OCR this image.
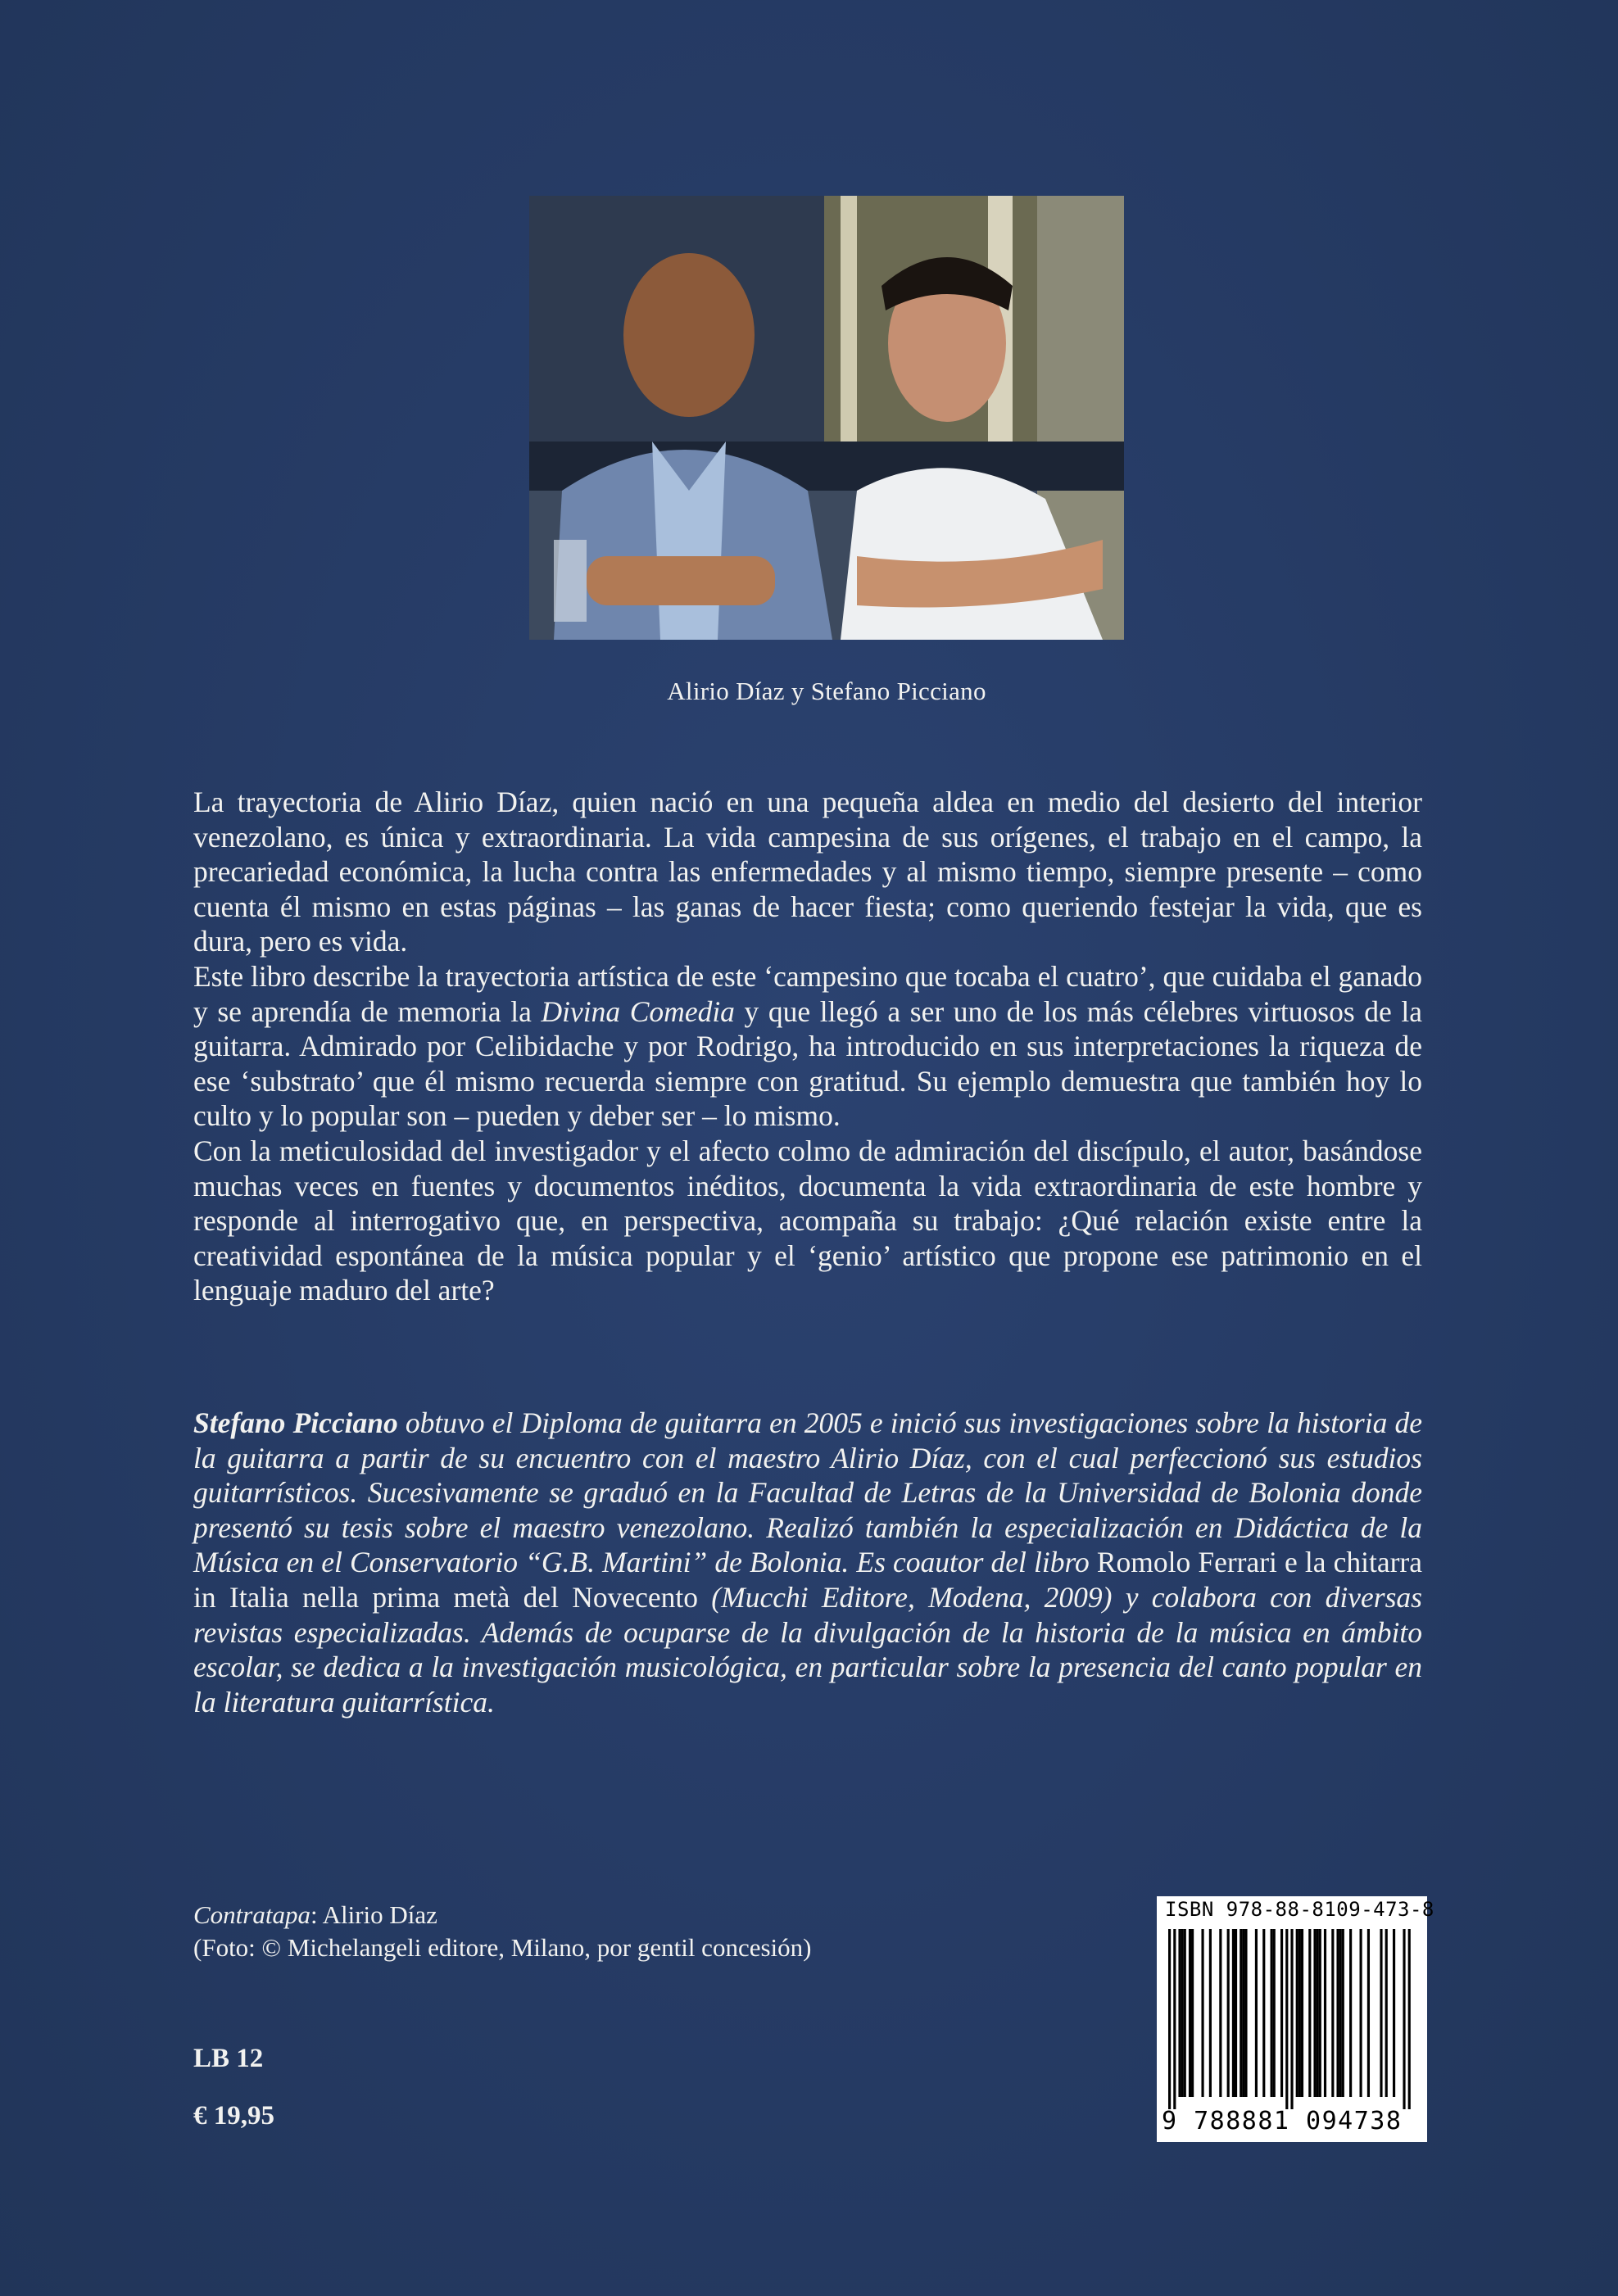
Alirio Díaz y Stefano Picciano

La trayectoria de Alirio Díaz, quien nació en una pequeña aldea en medio del desierto del interior venezolano, es única y extraordinaria. La vida campesina de sus orígenes, el trabajo en el campo, la precariedad económica, la lucha contra las enfermedades y al mismo tiempo, siempre presente – como cuenta él mismo en estas páginas – las ganas de hacer fiesta; como queriendo festejar la vida, que es dura, pero es vida.

Este libro describe la trayectoria artística de este ‘campesino que tocaba el cuatro’, que cuidaba el ganado y se aprendía de memoria la Divina Comedia y que llegó a ser uno de los más célebres virtuosos de la guitarra. Admirado por Celibidache y por Rodrigo, ha introducido en sus interpretaciones la riqueza de ese ‘substrato’ que él mismo recuerda siempre con gratitud. Su ejemplo demuestra que también hoy lo culto y lo popular son – pueden y deber ser – lo mismo.

Con la meticulosidad del investigador y el afecto colmo de admiración del discípulo, el autor, basándose muchas veces en fuentes y documentos inéditos, documenta la vida extraordinaria de este hombre y responde al interrogativo que, en perspectiva, acompaña su trabajo: ¿Qué relación existe entre la creatividad espontánea de la música popular y el ‘genio’ artístico que propone ese patrimonio en el lenguaje maduro del arte?

Stefano Picciano obtuvo el Diploma de guitarra en 2005 e inició sus investigaciones sobre la historia de la guitarra a partir de su encuentro con el maestro Alirio Díaz, con el cual perfeccionó sus estudios guitarrísticos. Sucesivamente se graduó en la Facultad de Letras de la Universidad de Bolonia donde presentó su tesis sobre el maestro venezolano. Realizó también la especialización en Didáctica de la Música en el Conservatorio “G.B. Martini” de Bolonia. Es coautor del libro Romolo Ferrari e la chitarra in Italia nella prima metà del Novecento (Mucchi Editore, Modena, 2009) y colabora con diversas revistas especializadas. Además de ocuparse de la divulgación de la historia de la música en ámbito escolar, se dedica a la investigación musicológica, en particular sobre la presencia del canto popular en la literatura guitarrística.
Contratapa: Alirio Díaz
(Foto: © Michelangeli editore, Milano, por gentil concesión)
LB 12
€ 19,95
ISBN 978-88-8109-473-8
9 788881 094738
